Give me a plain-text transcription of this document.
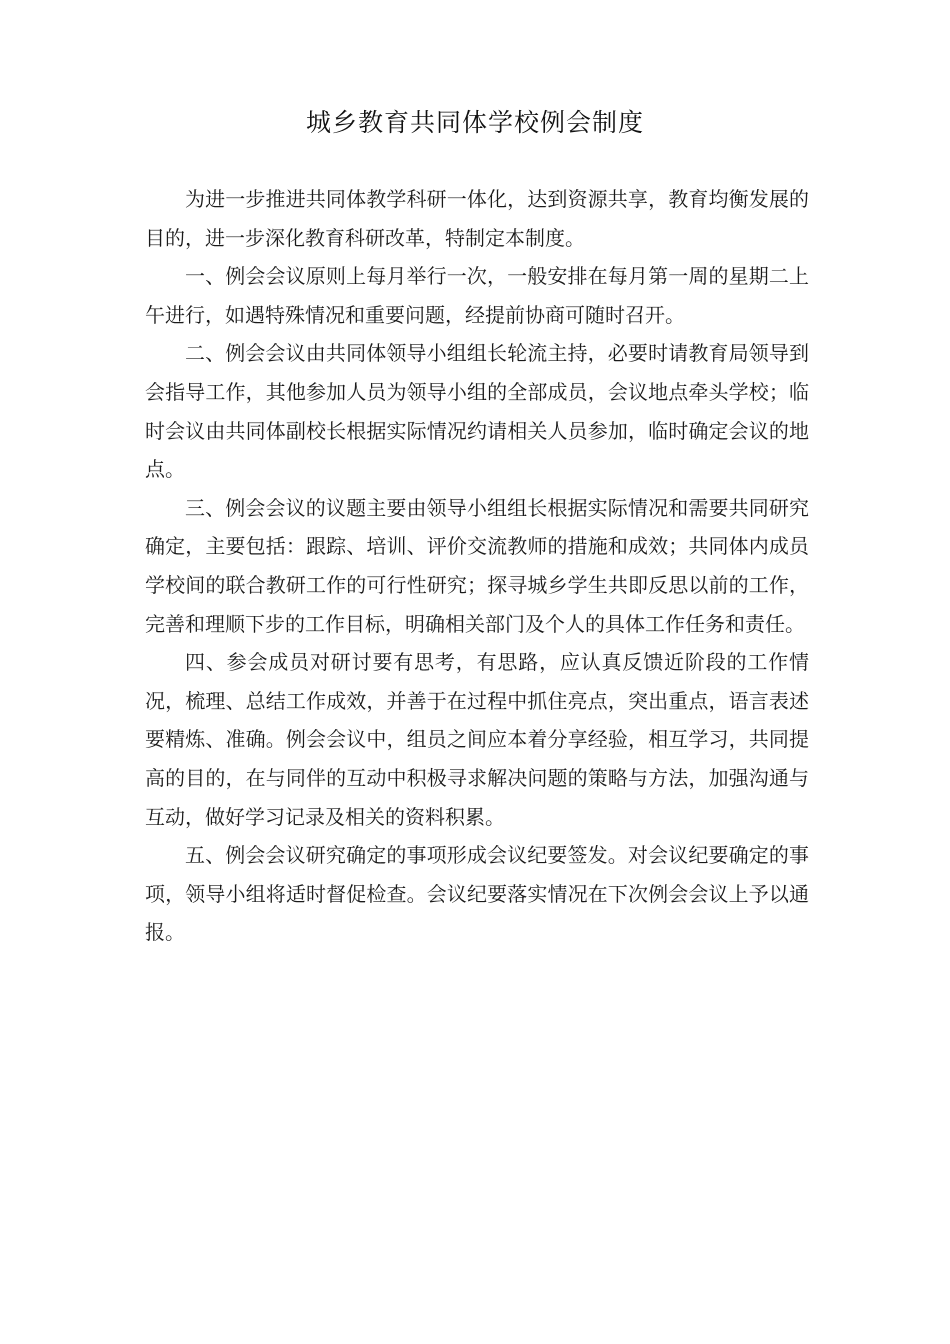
城乡教育共同体学校例会制度

为进一步推进共同体教学科研一体化，达到资源共享，教育均衡发展的目的，进一步深化教育科研改革，特制定本制度。

一、例会会议原则上每月举行一次，一般安排在每月第一周的星期二上午进行，如遇特殊情况和重要问题，经提前协商可随时召开。

二、例会会议由共同体领导小组组长轮流主持，必要时请教育局领导到会指导工作，其他参加人员为领导小组的全部成员，会议地点牵头学校；临时会议由共同体副校长根据实际情况约请相关人员参加，临时确定会议的地点。

三、例会会议的议题主要由领导小组组长根据实际情况和需要共同研究确定，主要包括：跟踪、培训、评价交流教师的措施和成效；共同体内成员学校间的联合教研工作的可行性研究；探寻城乡学生共即反思以前的工作，完善和理顺下步的工作目标，明确相关部门及个人的具体工作任务和责任。

四、参会成员对研讨要有思考，有思路，应认真反馈近阶段的工作情况，梳理、总结工作成效，并善于在过程中抓住亮点，突出重点，语言表述要精炼、准确。例会会议中，组员之间应本着分享经验，相互学习，共同提高的目的，在与同伴的互动中积极寻求解决问题的策略与方法，加强沟通与互动，做好学习记录及相关的资料积累。

五、例会会议研究确定的事项形成会议纪要签发。对会议纪要确定的事项，领导小组将适时督促检查。会议纪要落实情况在下次例会会议上予以通报。
